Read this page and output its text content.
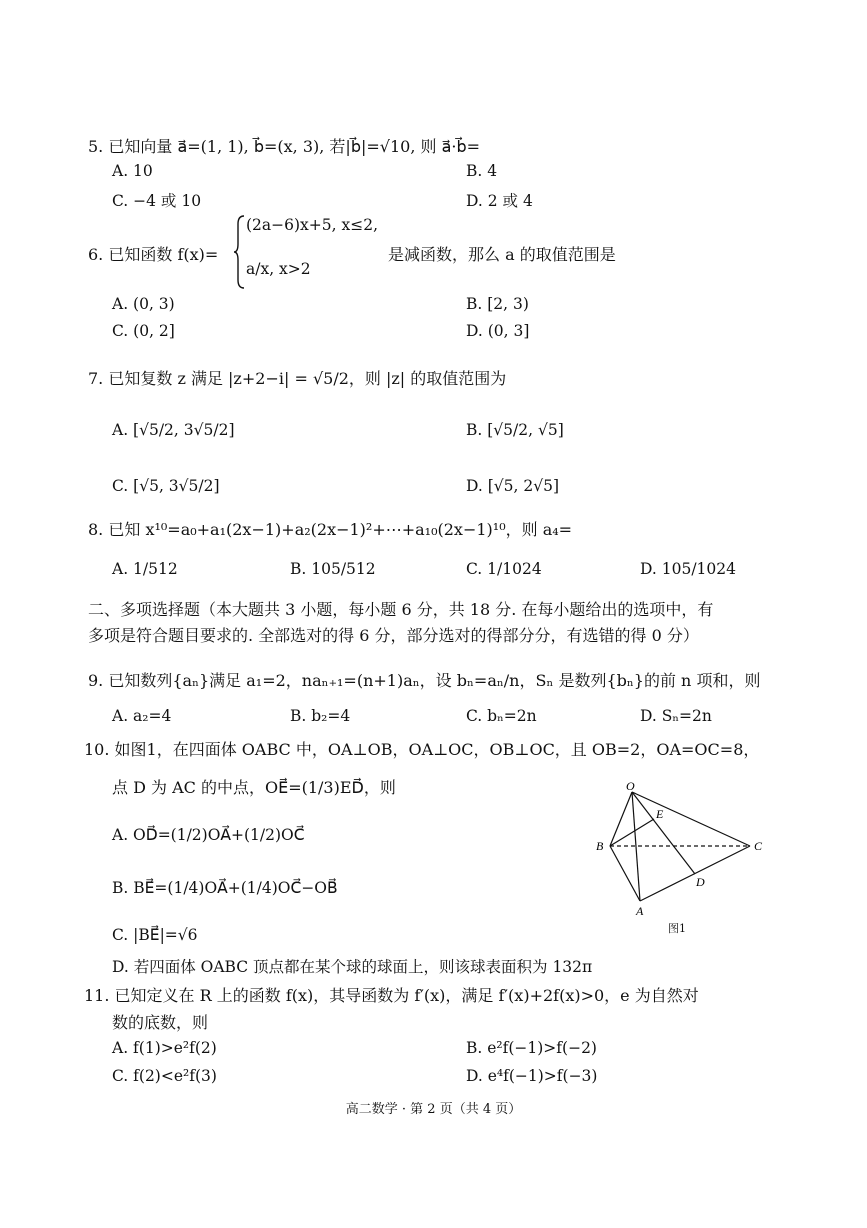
5. 已知向量 a⃗=(1, 1), b⃗=(x, 3), 若|b⃗|=√10, 则 a⃗·b⃗=
A. 10	B. 4
C. −4 或 10	D. 2 或 4
6. 已知函数 f(x)=
(2a−6)x+5, x≤2,
a/x, x>2
是减函数，那么 a 的取值范围是
A. (0, 3)	B. [2, 3)
C. (0, 2]	D. (0, 3]
7. 已知复数 z 满足 |z+2−i| = √5/2，则 |z| 的取值范围为
A. [√5/2, 3√5/2]	B. [√5/2, √5]
C. [√5, 3√5/2]	D. [√5, 2√5]
8. 已知 x¹⁰=a₀+a₁(2x−1)+a₂(2x−1)²+⋯+a₁₀(2x−1)¹⁰，则 a₄=
A. 1/512	B. 105/512	C. 1/1024	D. 105/1024
二、多项选择题（本大题共 3 小题，每小题 6 分，共 18 分. 在每小题给出的选项中，有
多项是符合题目要求的. 全部选对的得 6 分，部分选对的得部分分，有选错的得 0 分）
9. 已知数列{aₙ}满足 a₁=2，naₙ₊₁=(n+1)aₙ，设 bₙ=aₙ/n，Sₙ 是数列{bₙ}的前 n 项和，则
A. a₂=4	B. b₂=4	C. bₙ=2n	D. Sₙ=2n
10. 如图1，在四面体 OABC 中，OA⊥OB，OA⊥OC，OB⊥OC，且 OB=2，OA=OC=8，
点 D 为 AC 的中点，OE⃗=(1/3)ED⃗，则
A. OD⃗=(1/2)OA⃗+(1/2)OC⃗
B. BE⃗=(1/4)OA⃗+(1/4)OC⃗−OB⃗
C. |BE⃗|=√6
D. 若四面体 OABC 顶点都在某个球的球面上，则该球表面积为 132π
O
E
B	C
D
A
图1
11. 已知定义在 R 上的函数 f(x)，其导函数为 f′(x)，满足 f′(x)+2f(x)>0，e 为自然对
数的底数，则
A. f(1)>e²f(2)	B. e²f(−1)>f(−2)
C. f(2)<e²f(3)	D. e⁴f(−1)>f(−3)
高二数学 · 第 2 页（共 4 页）
